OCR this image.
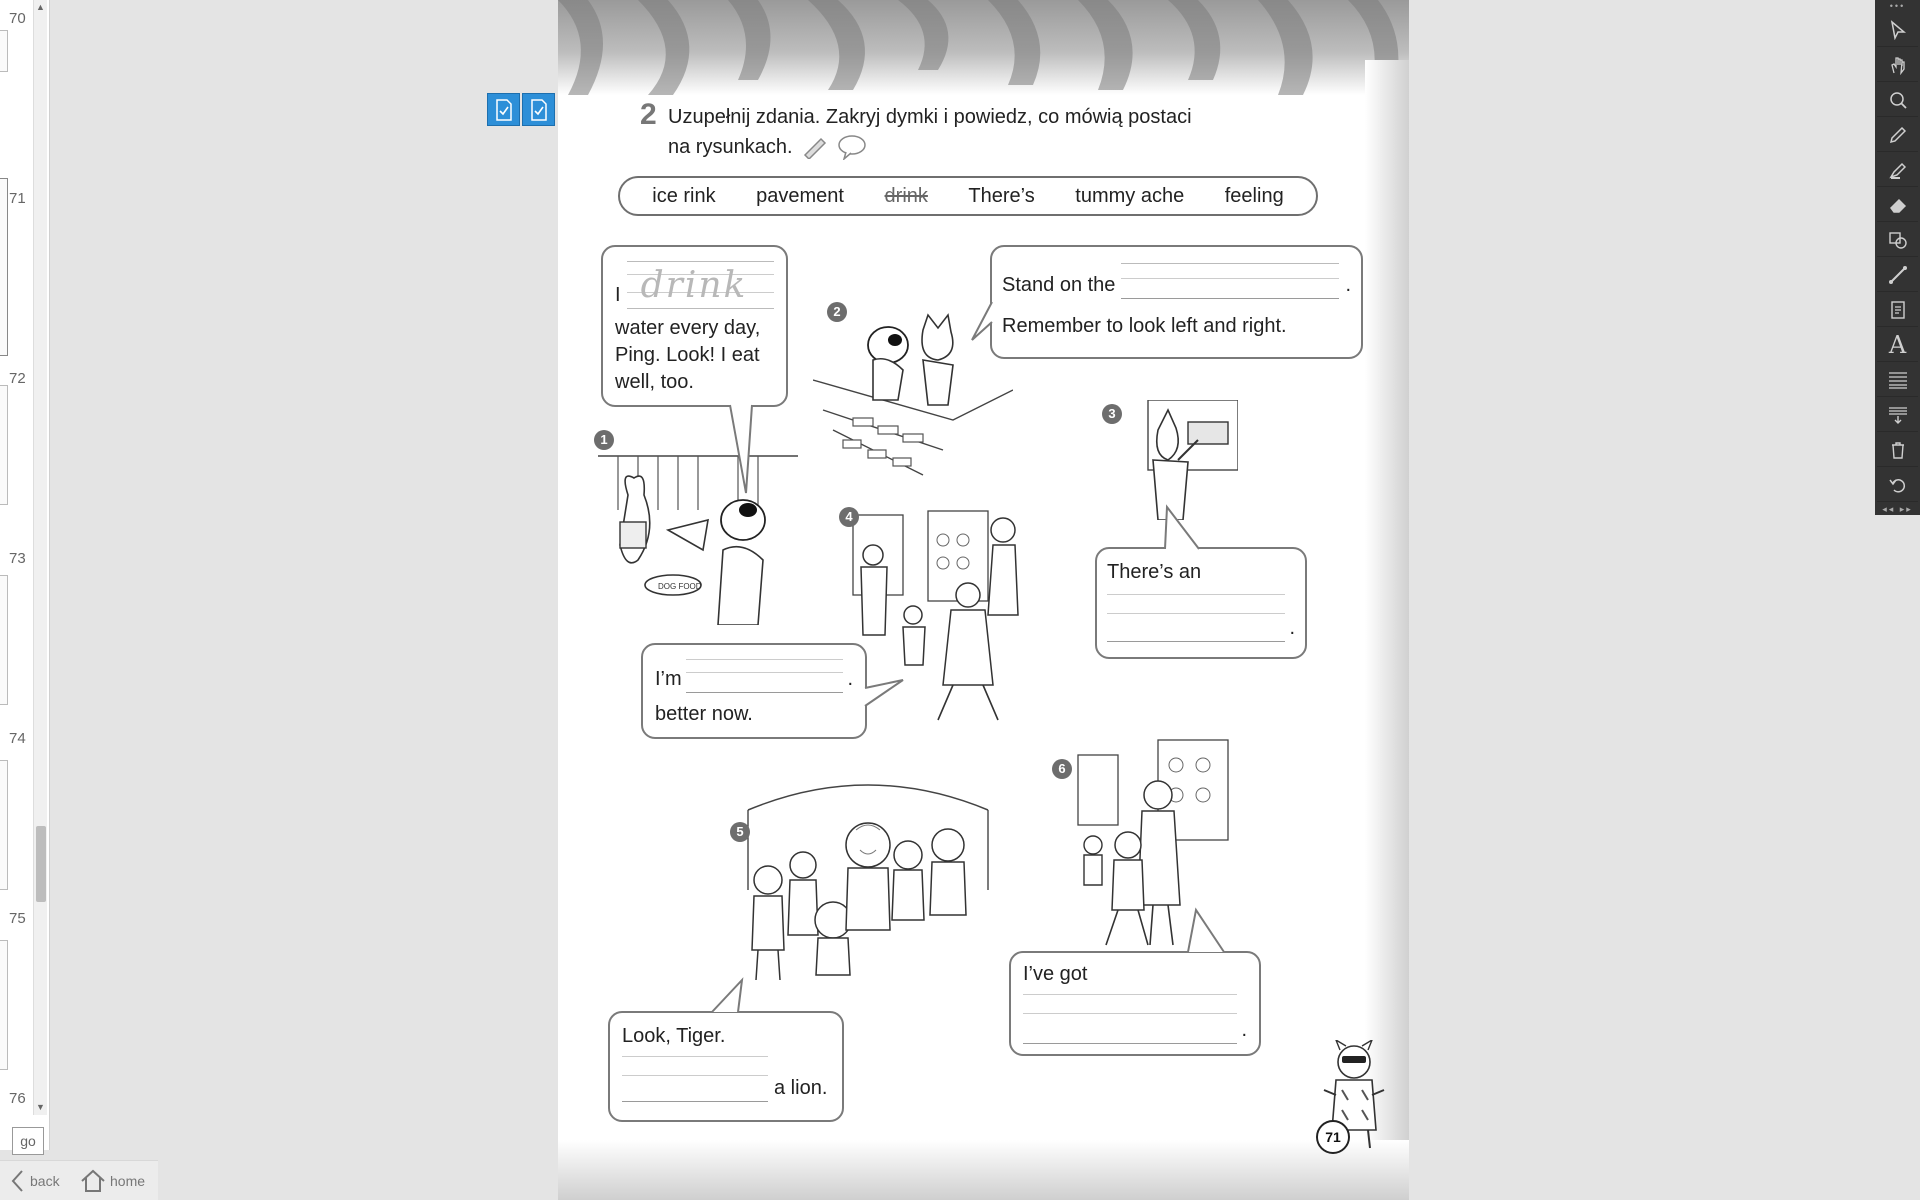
70
71
72
73
74
75
76
▲
▼
go
back	home
2 Uzupełnij zdania. Zakryj dymki i powiedz, co mówią postaci
na rysunkach.
ice rink pavement drink There’s tummy ache feeling
DOG FOOD
1
2
3
4
5
6
I drink
water every day, Ping. Look! I eat well, too.
Stand on the	.
Remember to look left and right.
There’s an
.
I’m	.
better now.
Look, Tiger.
a lion.
I’ve got
.
71
•••
A
◂◂ ▸▸
